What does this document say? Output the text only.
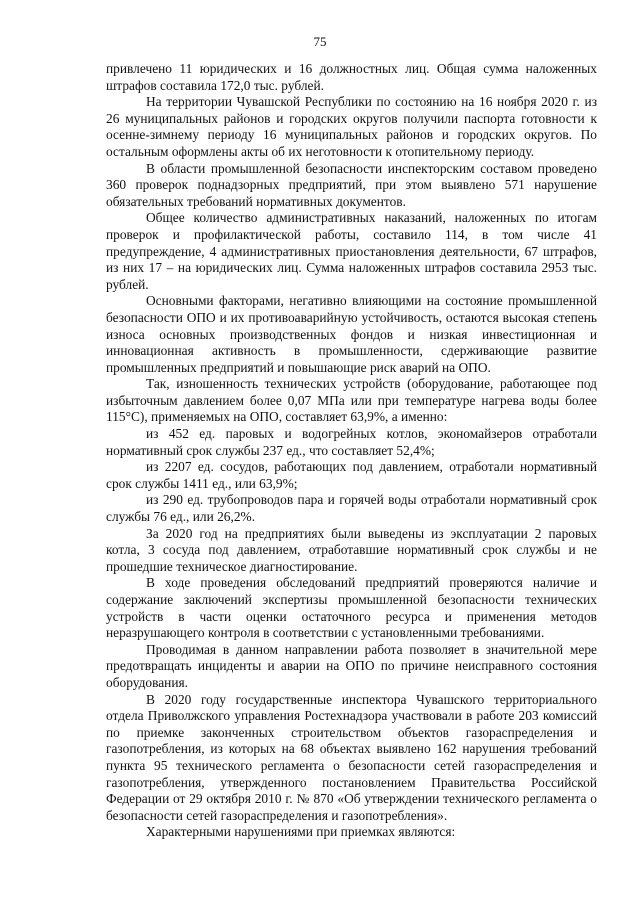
75

привлечено 11 юридических и 16 должностных лиц. Общая сумма наложенных штрафов составила 172,0 тыс. рублей.

На территории Чувашской Республики по состоянию на 16 ноября 2020 г. из 26 муниципальных районов и городских округов получили паспорта готовности к осенне-зимнему периоду 16 муниципальных районов и городских округов. По остальным оформлены акты об их неготовности к отопительному периоду.

В области промышленной безопасности инспекторским составом проведено 360 проверок поднадзорных предприятий, при этом выявлено 571 нарушение обязательных требований нормативных документов.

Общее количество административных наказаний, наложенных по итогам проверок и профилактической работы, составило 114, в том числе 41 предупреждение, 4 административных приостановления деятельности, 67 штрафов, из них 17 – на юридических лиц. Сумма наложенных штрафов составила 2953 тыс. рублей.

Основными факторами, негативно влияющими на состояние промышленной безопасности ОПО и их противоаварийную устойчивость, остаются высокая степень износа основных производственных фондов и низкая инвестиционная и инновационная активность в промышленности, сдерживающие развитие промышленных предприятий и повышающие риск аварий на ОПО.

Так, изношенность технических устройств (оборудование, работающее под избыточным давлением более 0,07 МПа или при температуре нагрева воды более 115°С), применяемых на ОПО, составляет 63,9%, а именно:

из 452 ед. паровых и водогрейных котлов, экономайзеров отработали нормативный срок службы 237 ед., что составляет 52,4%;

из 2207 ед. сосудов, работающих под давлением, отработали нормативный срок службы 1411 ед., или 63,9%;

из 290 ед. трубопроводов пара и горячей воды отработали нормативный срок службы 76 ед., или 26,2%.

За 2020 год на предприятиях были выведены из эксплуатации 2 паровых котла, 3 сосуда под давлением, отработавшие нормативный срок службы и не прошедшие техническое диагностирование.

В ходе проведения обследований предприятий проверяются наличие и содержание заключений экспертизы промышленной безопасности технических устройств в части оценки остаточного ресурса и применения методов неразрушающего контроля в соответствии с установленными требованиями.

Проводимая в данном направлении работа позволяет в значительной мере предотвращать инциденты и аварии на ОПО по причине неисправного состояния оборудования.

В 2020 году государственные инспектора Чувашского территориального отдела Приволжского управления Ростехнадзора участвовали в работе 203 комиссий по приемке законченных строительством объектов газораспределения и газопотребления, из которых на 68 объектах выявлено 162 нарушения требований пункта 95 технического регламента о безопасности сетей газораспределения и газопотребления, утвержденного постановлением Правительства Российской Федерации от 29 октября 2010 г. № 870 «Об утверждении технического регламента о безопасности сетей газораспределения и газопотребления».

Характерными нарушениями при приемках являются:
